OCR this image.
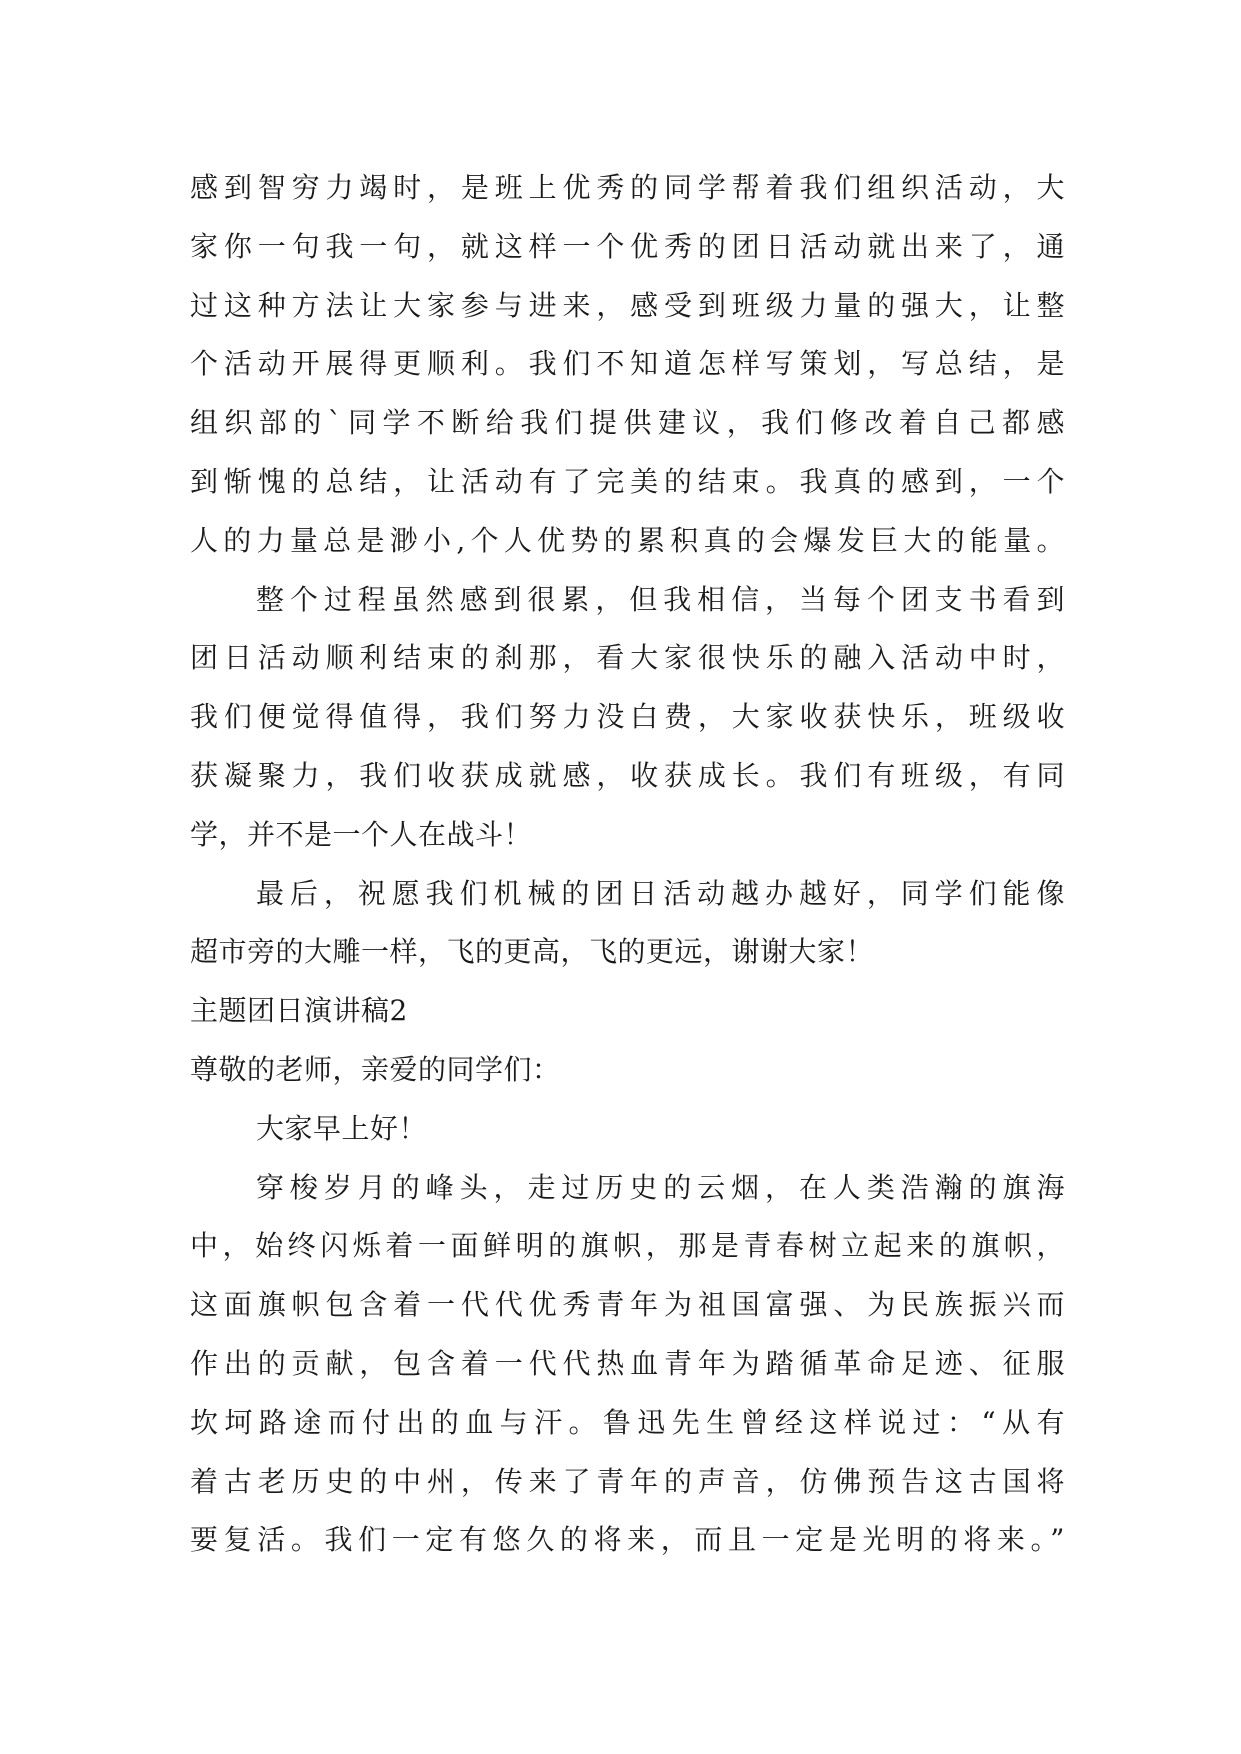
感到智穷力竭时，是班上优秀的同学帮着我们组织活动，大
家你一句我一句，就这样一个优秀的团日活动就出来了，通
过这种方法让大家参与进来，感受到班级力量的强大，让整
个活动开展得更顺利。我们不知道怎样写策划，写总结，是
组织部的`同学不断给我们提供建议，我们修改着自己都感
到惭愧的总结，让活动有了完美的结束。我真的感到，一个
人的力量总是渺小,个人优势的累积真的会爆发巨大的能量。
整个过程虽然感到很累，但我相信，当每个团支书看到
团日活动顺利结束的刹那，看大家很快乐的融入活动中时，
我们便觉得值得，我们努力没白费，大家收获快乐，班级收
获凝聚力，我们收获成就感，收获成长。我们有班级，有同
学，并不是一个人在战斗！
最后，祝愿我们机械的团日活动越办越好，同学们能像
超市旁的大雕一样，飞的更高，飞的更远，谢谢大家！
主题团日演讲稿2
尊敬的老师，亲爱的同学们：
大家早上好！
穿梭岁月的峰头，走过历史的云烟，在人类浩瀚的旗海
中，始终闪烁着一面鲜明的旗帜，那是青春树立起来的旗帜，
这面旗帜包含着一代代优秀青年为祖国富强、为民族振兴而
作出的贡献，包含着一代代热血青年为踏循革命足迹、征服
坎坷路途而付出的血与汗。鲁迅先生曾经这样说过：“从有
着古老历史的中州，传来了青年的声音，仿佛预告这古国将
要复活。我们一定有悠久的将来，而且一定是光明的将来。”
